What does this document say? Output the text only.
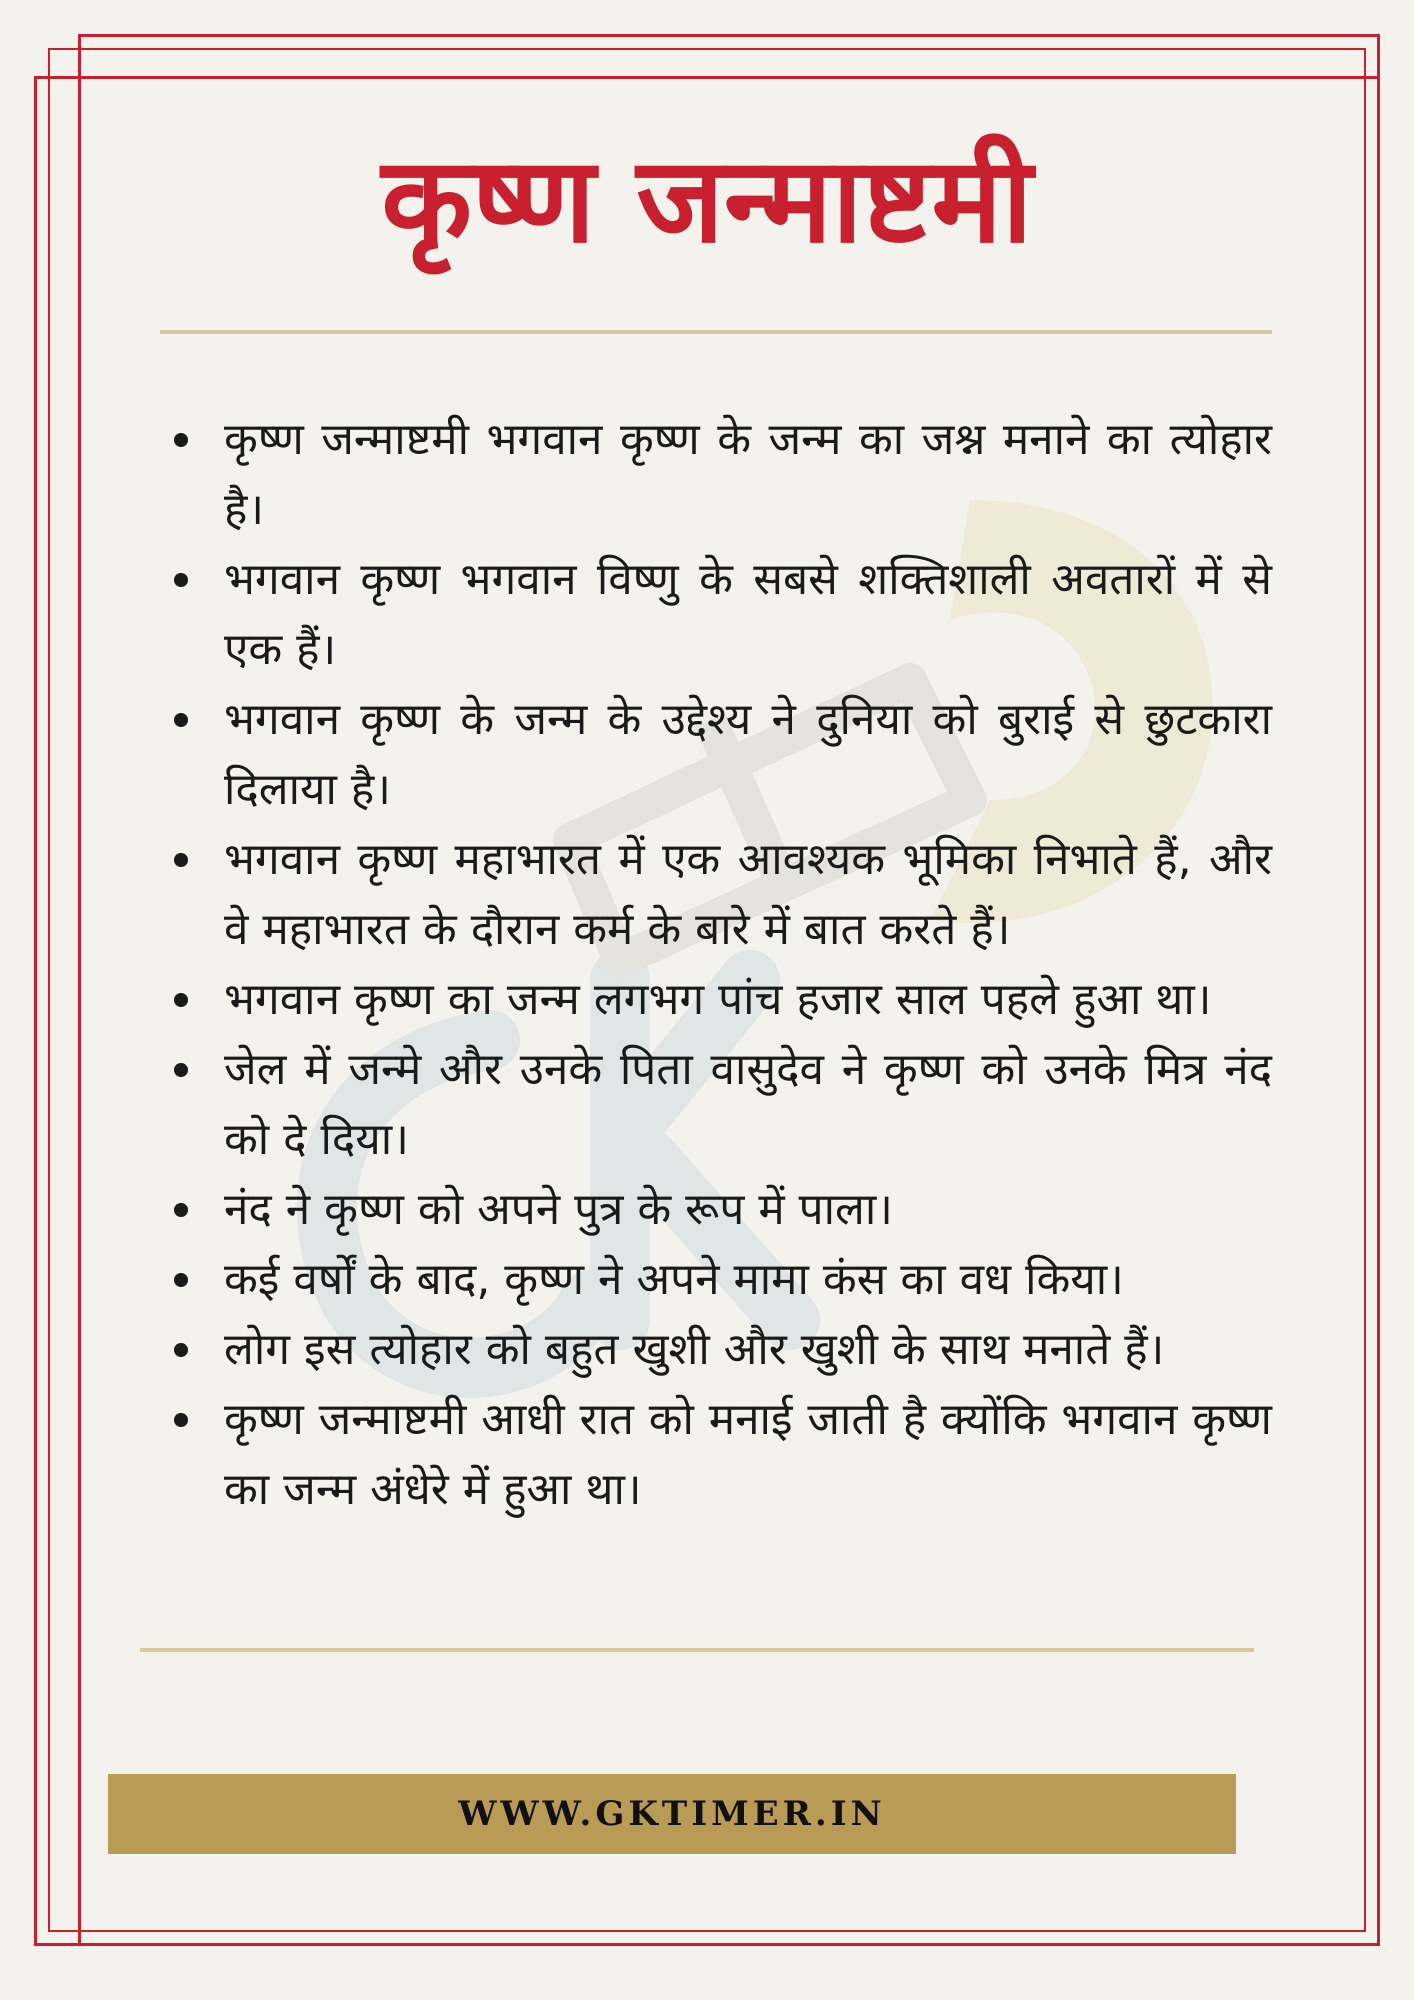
कृष्ण जन्माष्टमी
कृष्ण जन्माष्टमी भगवान कृष्ण के जन्म का जश्न मनाने का त्योहार है।
भगवान कृष्ण भगवान विष्णु के सबसे शक्तिशाली अवतारों में से एक हैं।
भगवान कृष्ण के जन्म के उद्देश्य ने दुनिया को बुराई से छुटकारा दिलाया है।
भगवान कृष्ण महाभारत में एक आवश्यक भूमिका निभाते हैं, और वे महाभारत के दौरान कर्म के बारे में बात करते हैं।
भगवान कृष्ण का जन्म लगभग पांच हजार साल पहले हुआ था।
जेल में जन्मे और उनके पिता वासुदेव ने कृष्ण को उनके मित्र नंद को दे दिया।
नंद ने कृष्ण को अपने पुत्र के रूप में पाला।
कई वर्षों के बाद, कृष्ण ने अपने मामा कंस का वध किया।
लोग इस त्योहार को बहुत खुशी और खुशी के साथ मनाते हैं।
कृष्ण जन्माष्टमी आधी रात को मनाई जाती है क्योंकि भगवान कृष्ण का जन्म अंधेरे में हुआ था।
WWW.GKTIMER.IN
